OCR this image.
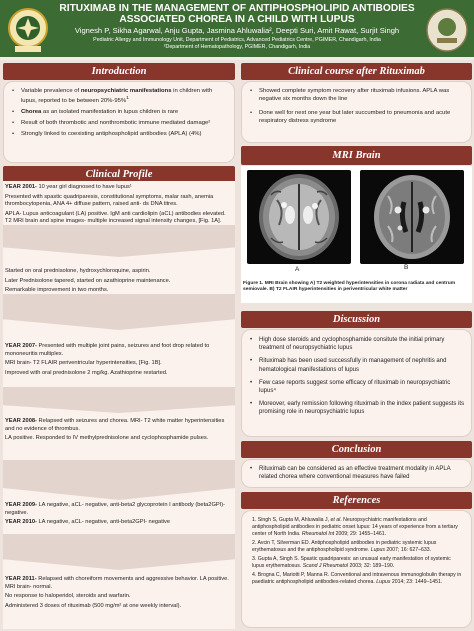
RITUXIMAB IN THE MANAGEMENT OF ANTIPHOSPHOLIPID ANTIBODIES ASSOCIATED CHOREA IN A CHILD WITH LUPUS
Vignesh P, Sikha Agarwal, Anju Gupta, Jasmina Ahluwalia², Deepti Suri, Amit Rawat, Surjit Singh
Pediatric Allergy and Immunology Unit, Department of Pediatrics, Advanced Pediatrics Centre, PGIMER, Chandigarh, India
²Department of Hematopathology, PGIMER, Chandigarh, India
Introduction
• Variable prevalence of neuropsychiatric manifestations in children with lupus, reported to be between 20%-95%$^1$
• Chorea as an isolated manifestation in lupus children is rare
• Result of both thrombotic and nonthrombotic immune mediated damage²
• Strongly linked to coexisting antiphospholipid antibodies (APLA) (4%)
Clinical Profile

YEAR 2001- 10 year girl diagnosed to have lupus¹

Presented with spastic quadriparesis, constitutional symptoms, malar rash, anemia thrombocytopenia, ANA 4+ diffuse pattern, raised anti- ds DNA titres.

APLA- Lupus anticoagulant (LA) positive. IgM anti cardiolipin (aCL) antibodies elevated. T2 MRI brain and spine images- multiple increased signal intensity changes, [Fig. 1A].

Started on oral prednisolone, hydroxychloroquine, aspirin.

Later Prednisolone tapered, started on azathioprine maintenance.

Remarkable improvement in two months.

YEAR 2007- Presented with multiple joint pains, seizures and foot drop related to mononeuritis multiplex.

MRI brain- T2 FLAIR periventricular hyperintensities, [Fig. 1B].

Improved with oral prednisolone 2 mg/kg. Azathioprine restarted.

YEAR 2008- Relapsed with seizures and chorea. MRI- T2 white matter hyperintensities and no evidence of thrombus.

LA positive. Responded to IV methylprednisolone and cyclophosphamide pulses.

YEAR 2009- LA negative, aCL- negative, anti-beta2 glycoprotein I antibody (beta2GPI)- negative.

YEAR 2010- LA negative, aCL- negative, anti-beta2GPI- negative

YEAR 2011- Relapsed with choreiform movements and aggressive behavior. LA positive. MRI brain- normal.

No response to haloperidol, steroids and warfarin.

Administered 3 doses of rituximab (500 mg/m² at one weekly interval).

Clinical course after Rituximab
• Showed complete symptom recovery after rituximab infusions. APLA was negative six months down the line
• Done well for next one year but later succumbed to pneumonia and acute respiratory distress syndrome
MRI Brain
A	B
Figure 1. MRI Brain showing A) T2 weighted hyperintensities in corona radiata and centrum semiovale. B) T2 FLAIR hyperintensities in periventricular white matter
Discussion
• High dose steroids and cyclophosphamide consitute the initial primary treatment of neuropsychiatric lupus
• Rituximab has been used successfully in management of nephritis and hematological manifestations of lupus
• Few case reports suggest some efficacy of rituximab in neuropsychiatric lupus⁴
• Moreover, early remission following rituximab in the index patient suggests its promising role in neuropsychiatric lupus
Conclusion
• Rituximab can be considered as an effective treatment modality in APLA related chorea where conventional measures have failed
References

1. Singh S, Gupta M, Ahluwalia J, et al. Neuropsychiatric manifestations and antiphospholipid antibodies in pediatric onset lupus: 14 years of experience from a tertiary center of North India. Rheumatol Int 2009; 29: 1455–1461.

2. Avcin T, Silverman ED. Antiphospholipid antibodies in pediatric systemic lupus erythematosus and the antiphospholipid syndrome. Lupus 2007; 16: 627–633.

3. Gupta A, Singh S. Spastic quadriparesis: an unusual early manifestation of systemic lupus erythematosus. Scand J Rheumatol 2003; 32: 189–190.

4. Brogna C, Mariotti P, Manna R. Conventional and intravenous immunoglobulin therapy in paediatric antiphospholipid antibodies-related chorea. Lupus 2014; 23: 1449–1451.
